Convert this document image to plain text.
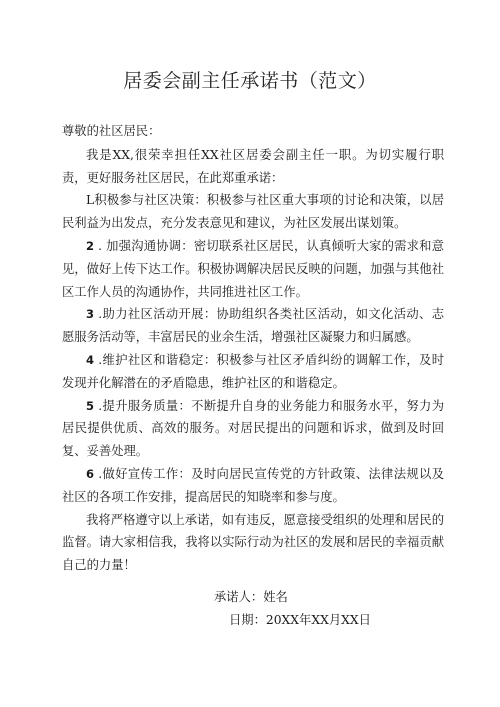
居委会副主任承诺书（范文）

尊敬的社区居民：

我是XX,很荣幸担任XX社区居委会副主任一职。为切实履行职责，更好服务社区居民，在此郑重承诺：

L积极参与社区决策：积极参与社区重大事项的讨论和决策，以居民利益为出发点，充分发表意见和建议，为社区发展出谋划策。

2 . 加强沟通协调：密切联系社区居民，认真倾听大家的需求和意见，做好上传下达工作。积极协调解决居民反映的问题，加强与其他社区工作人员的沟通协作，共同推进社区工作。

3 .助力社区活动开展：协助组织各类社区活动，如文化活动、志愿服务活动等，丰富居民的业余生活，增强社区凝聚力和归属感。

4 .维护社区和谐稳定：积极参与社区矛盾纠纷的调解工作，及时发现并化解潜在的矛盾隐患，维护社区的和谐稳定。

5 .提升服务质量：不断提升自身的业务能力和服务水平，努力为居民提供优质、高效的服务。对居民提出的问题和诉求，做到及时回复、妥善处理。

6 .做好宣传工作：及时向居民宣传党的方针政策、法律法规以及社区的各项工作安排，提高居民的知晓率和参与度。

我将严格遵守以上承诺，如有违反，愿意接受组织的处理和居民的监督。请大家相信我，我将以实际行动为社区的发展和居民的幸福贡献自己的力量！

承诺人：姓名
日期：20XX年XX月XX日
